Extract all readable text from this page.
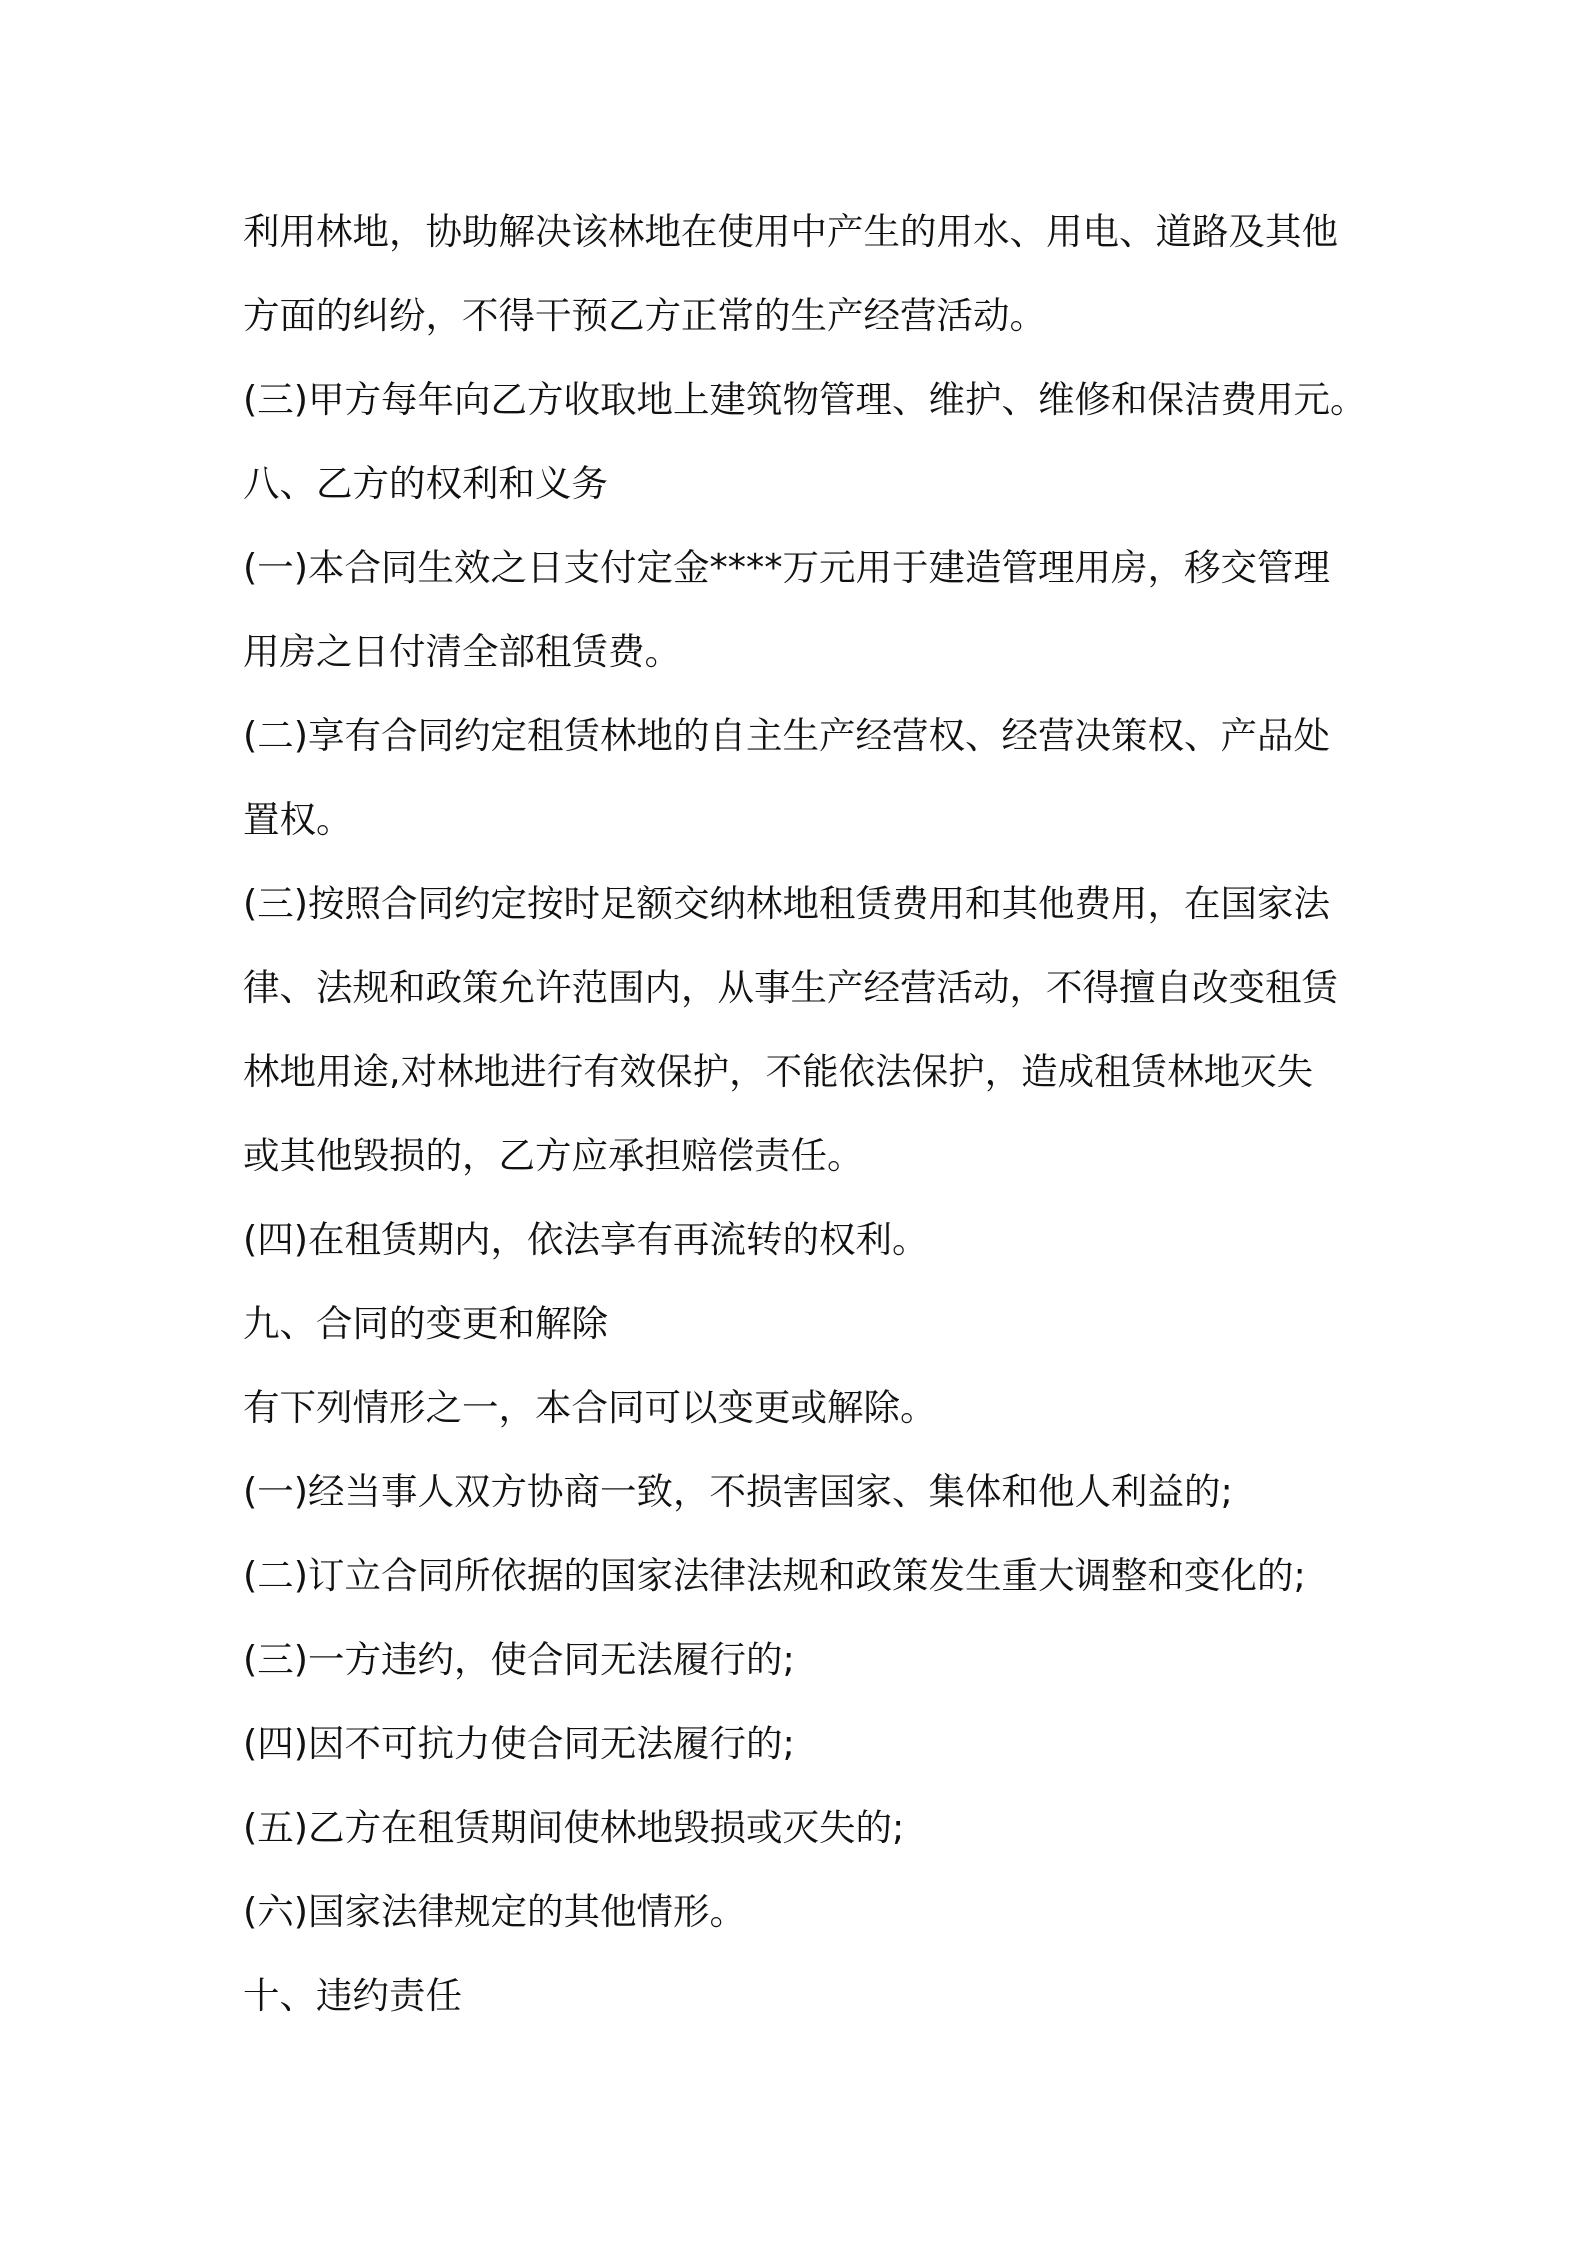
利用林地，协助解决该林地在使用中产生的用水、用电、道路及其他
方面的纠纷，不得干预乙方正常的生产经营活动。
(三)甲方每年向乙方收取地上建筑物管理、维护、维修和保洁费用元。
八、乙方的权利和义务
(一)本合同生效之日支付定金****万元用于建造管理用房，移交管理
用房之日付清全部租赁费。
(二)享有合同约定租赁林地的自主生产经营权、经营决策权、产品处
置权。
(三)按照合同约定按时足额交纳林地租赁费用和其他费用，在国家法
律、法规和政策允许范围内，从事生产经营活动，不得擅自改变租赁
林地用途,对林地进行有效保护，不能依法保护，造成租赁林地灭失
或其他毁损的，乙方应承担赔偿责任。
(四)在租赁期内，依法享有再流转的权利。
九、合同的变更和解除
有下列情形之一，本合同可以变更或解除。
(一)经当事人双方协商一致，不损害国家、集体和他人利益的;
(二)订立合同所依据的国家法律法规和政策发生重大调整和变化的;
(三)一方违约，使合同无法履行的;
(四)因不可抗力使合同无法履行的;
(五)乙方在租赁期间使林地毁损或灭失的;
(六)国家法律规定的其他情形。
十、违约责任
